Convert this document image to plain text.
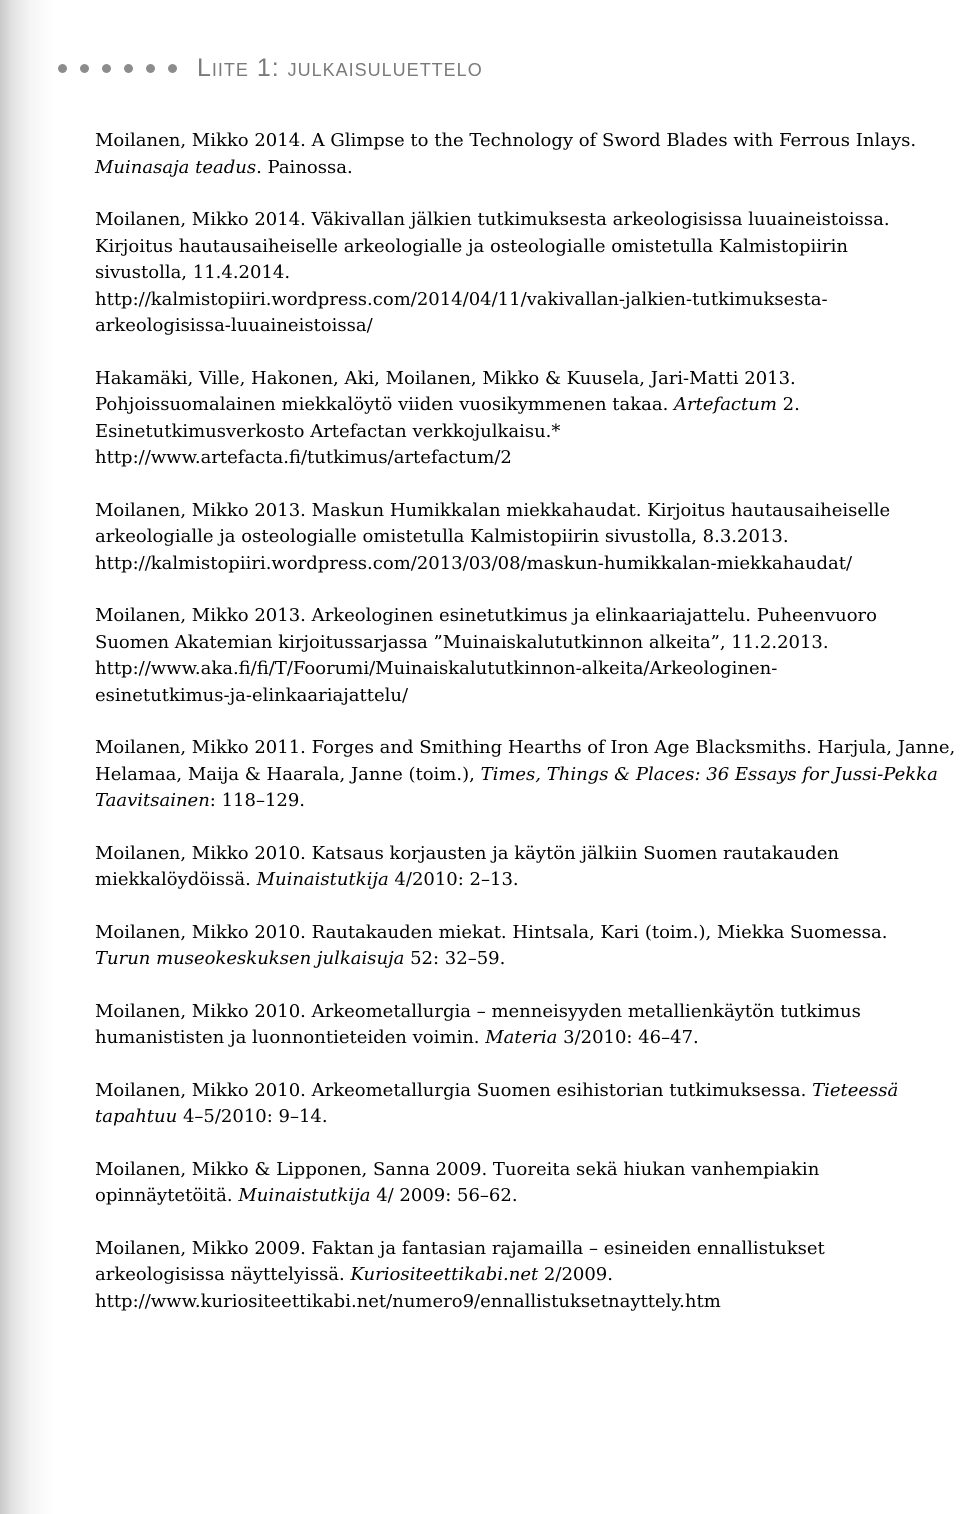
Liite 1: julkaisuluettelo
Moilanen, Mikko 2014. A Glimpse to the Technology of Sword Blades with Ferrous Inlays.
Muinasaja teadus. Painossa.
Moilanen, Mikko 2014. Väkivallan jälkien tutkimuksesta arkeologisissa luuaineistoissa.
Kirjoitus hautausaiheiselle arkeologialle ja osteologialle omistetulla Kalmistopiirin
sivustolla, 11.4.2014.
http://kalmistopiiri.wordpress.com/2014/04/11/vakivallan-jalkien-tutkimuksesta-
arkeologisissa-luuaineistoissa/
Hakamäki, Ville, Hakonen, Aki, Moilanen, Mikko & Kuusela, Jari-Matti 2013.
Pohjoissuomalainen miekkalöytö viiden vuosikymmenen takaa. Artefactum 2.
Esinetutkimusverkosto Artefactan verkkojulkaisu.*
http://www.artefacta.fi/tutkimus/artefactum/2
Moilanen, Mikko 2013. Maskun Humikkalan miekkahaudat. Kirjoitus hautausaiheiselle
arkeologialle ja osteologialle omistetulla Kalmistopiirin sivustolla, 8.3.2013.
http://kalmistopiiri.wordpress.com/2013/03/08/maskun-humikkalan-miekkahaudat/
Moilanen, Mikko 2013. Arkeologinen esinetutkimus ja elinkaariajattelu. Puheenvuoro
Suomen Akatemian kirjoitussarjassa ”Muinaiskalututkinnon alkeita”, 11.2.2013.
http://www.aka.fi/fi/T/Foorumi/Muinaiskalututkinnon-alkeita/Arkeologinen-
esinetutkimus-ja-elinkaariajattelu/
Moilanen, Mikko 2011. Forges and Smithing Hearths of Iron Age Blacksmiths. Harjula, Janne,
Helamaa, Maija & Haarala, Janne (toim.), Times, Things & Places: 36 Essays for Jussi-Pekka
Taavitsainen: 118–129.
Moilanen, Mikko 2010. Katsaus korjausten ja käytön jälkiin Suomen rautakauden
miekkalöydöissä. Muinaistutkija 4/2010: 2–13.
Moilanen, Mikko 2010. Rautakauden miekat. Hintsala, Kari (toim.), Miekka Suomessa.
Turun museokeskuksen julkaisuja 52: 32–59.
Moilanen, Mikko 2010. Arkeometallurgia – menneisyyden metallienkäytön tutkimus
humanististen ja luonnontieteiden voimin. Materia 3/2010: 46–47.
Moilanen, Mikko 2010. Arkeometallurgia Suomen esihistorian tutkimuksessa. Tieteessä
tapahtuu 4–5/2010: 9–14.
Moilanen, Mikko & Lipponen, Sanna 2009. Tuoreita sekä hiukan vanhempiakin
opinnäytetöitä. Muinaistutkija 4/ 2009: 56–62.
Moilanen, Mikko 2009. Faktan ja fantasian rajamailla – esineiden ennallistukset
arkeologisissa näyttelyissä. Kuriositeettikabi.net 2/2009.
http://www.kuriositeettikabi.net/numero9/ennallistuksetnayttely.htm
